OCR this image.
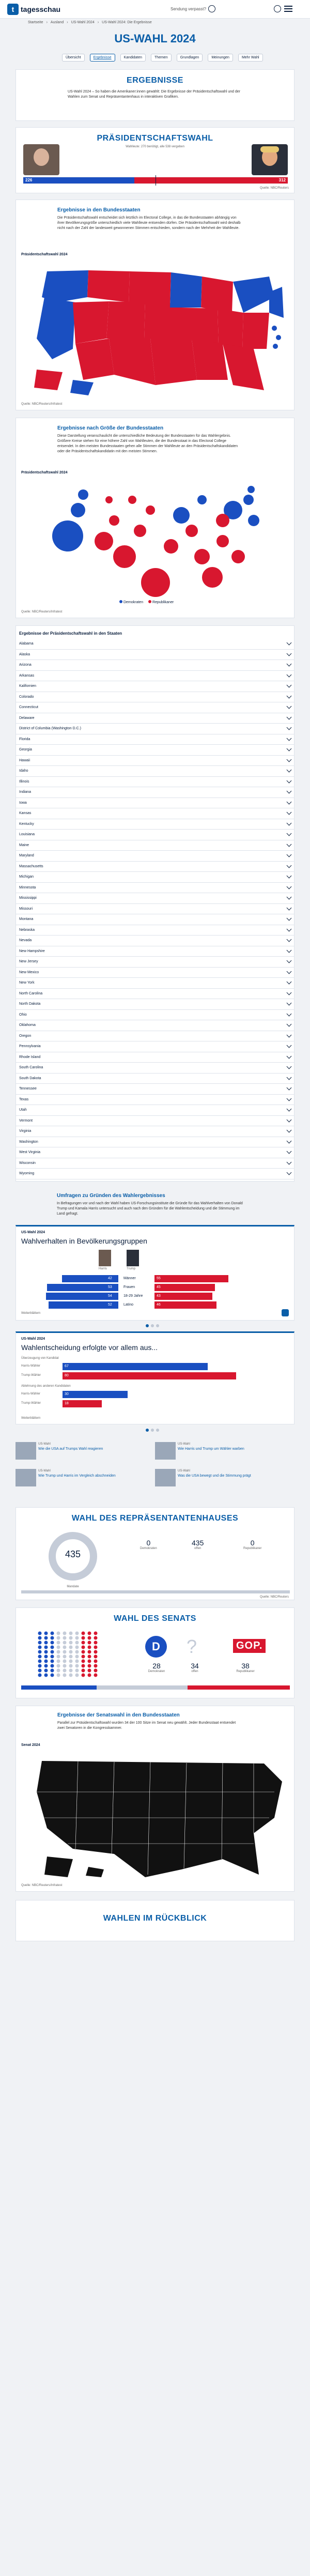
t tagesschau	Sendung verpasst?
Startseite › Ausland › US-Wahl 2024 › US-Wahl 2024: Die Ergebnisse
US-WAHL 2024
Übersicht	Ergebnisse	Kandidaten	Themen	Grundlagen	Meinungen	Mehr Wahl
ERGEBNISSE
US-Wahl 2024 – So haben die Amerikaner:innen gewählt: Die Ergebnisse der Präsidentschaftswahl und der Wahlen zum Senat und Repräsentantenhaus in interaktiven Grafiken.
PRÄSIDENTSCHAFTSWAHL
Wahlleute: 270 benötigt, alle 538 vergeben
226	312
Quelle: NBC/Reuters
Ergebnisse in den Bundesstaaten
Die Präsidentschaftswahl entscheidet sich letztlich im Electoral College, in das die Bundesstaaten abhängig von ihrer Bevölkerungsgröße unterschiedlich viele Wahlleute entsenden dürfen. Die Präsidentschaftswahl wird deshalb nicht nach der Zahl der landesweit gewonnenen Stimmen entschieden, sondern nach der Mehrheit der Wahlleute.
Präsidentschaftswahl 2024
Quelle: NBC/Reuters/Infratest
Ergebnisse nach Größe der Bundesstaaten
Diese Darstellung veranschaulicht die unterschiedliche Bedeutung der Bundesstaaten für das Wahlergebnis. Größere Kreise stehen für eine höhere Zahl von Wahlleuten, die der Bundesstaat in das Electoral College entsendet. In den meisten Bundesstaaten gehen alle Stimmen der Wahlleute an den Präsidentschaftskandidaten oder die Präsidentschaftskandidatin mit den meisten Stimmen.
Präsidentschaftswahl 2024
Demokraten	Republikaner
Quelle: NBC/Reuters/Infratest
Ergebnisse der Präsidentschaftswahl in den Staaten
Alabama
Alaska
Arizona
Arkansas
Kalifornien
Colorado
Connecticut
Delaware
District of Columbia (Washington D.C.)
Florida
Georgia
Hawaii
Idaho
Illinois
Indiana
Iowa
Kansas
Kentucky
Louisiana
Maine
Maryland
Massachusetts
Michigan
Minnesota
Mississippi
Missouri
Montana
Nebraska
Nevada
New Hampshire
New Jersey
New Mexico
New York
North Carolina
North Dakota
Ohio
Oklahoma
Oregon
Pennsylvania
Rhode Island
South Carolina
South Dakota
Tennessee
Texas
Utah
Vermont
Virginia
Washington
West Virginia
Wisconsin
Wyoming
Umfragen zu Gründen des Wahlergebnisses
In Befragungen vor und nach der Wahl haben US-Forschungsinstitute die Gründe für das Wahlverhalten von Donald Trump und Kamala Harris untersucht und auch nach den Gründen für die Wahlentscheidung und die Stimmung im Land gefragt.
US-Wahl 2024
Wahlverhalten in Bevölkerungsgruppen
Harris	Trump
Weiterblättern
42	Männer	55
53	Frauen	45
54	18-29 Jahre	43
52	Latino	46
US-Wahl 2024
Wahlentscheidung erfolgte vor allem aus...
Überzeugung von Kandidat
Ablehnung des anderen Kandidaten
Weiterblättern
Harris-Wähler	67
Trump-Wähler	80
Harris-Wähler	30
Trump-Wähler	18
US-Wahl
Wie die USA auf Trumps Wahl reagieren
US-Wahl
Wie Harris und Trump um Wähler warben
US-Wahl
Wie Trump und Harris im Vergleich abschneiden
US-Wahl
Was die USA bewegt und die Stimmung prägt
WAHL DES REPRÄSENTANTENHAUSES
435
Mandate
0
Demokraten
435
offen
0
Republikaner
Quelle: NBC/Reuters
WAHL DES SENATS
D	?	GOP.
28
Demokraten
34
offen
38
Republikaner
Ergebnisse der Senatswahl in den Bundesstaaten
Parallel zur Präsidentschaftswahl wurden 34 der 100 Sitze im Senat neu gewählt. Jeder Bundesstaat entsendet zwei Senatoren in die Kongresskammer.
Senat 2024
Quelle: NBC/Reuters/Infratest
WAHLEN IM RÜCKBLICK
